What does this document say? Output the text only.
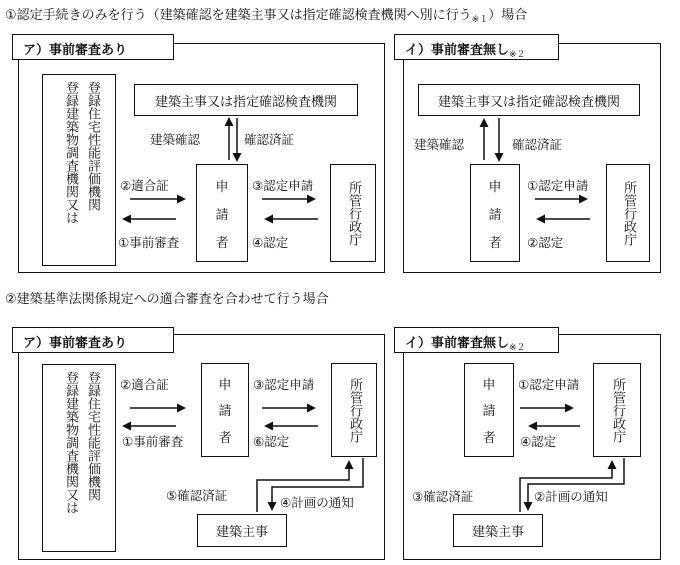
①認定手続きのみを行う（建築確認を建築主事又は指定確認検査機関へ別に行う$_{※1}$）場合
ア）事前審査あり	イ）事前審査無し$_{※2}$
登録住宅性能評価機関
登録建築物調査機関又は	建築主事又は指定確認検査機関
申
請
者	所管行政庁
建築確認	確認済証
②適合証
①事前審査
③認定申請
④認定
建築主事又は指定確認検査機関
申
請
者	所管行政庁
建築確認	確認済証
①認定申請
②認定
②建築基準法関係規定への適合審査を合わせて行う場合
ア）事前審査あり	イ）事前審査無し$_{※2}$
登録住宅性能評価機関
登録建築物調査機関又は	申
請
者	所管行政庁
建築主事
②適合証
①事前審査
③認定申請
⑥認定
⑤確認済証	④計画の通知
申
請
者	所管行政庁
建築主事
①認定申請
④認定
③確認済証	②計画の通知
